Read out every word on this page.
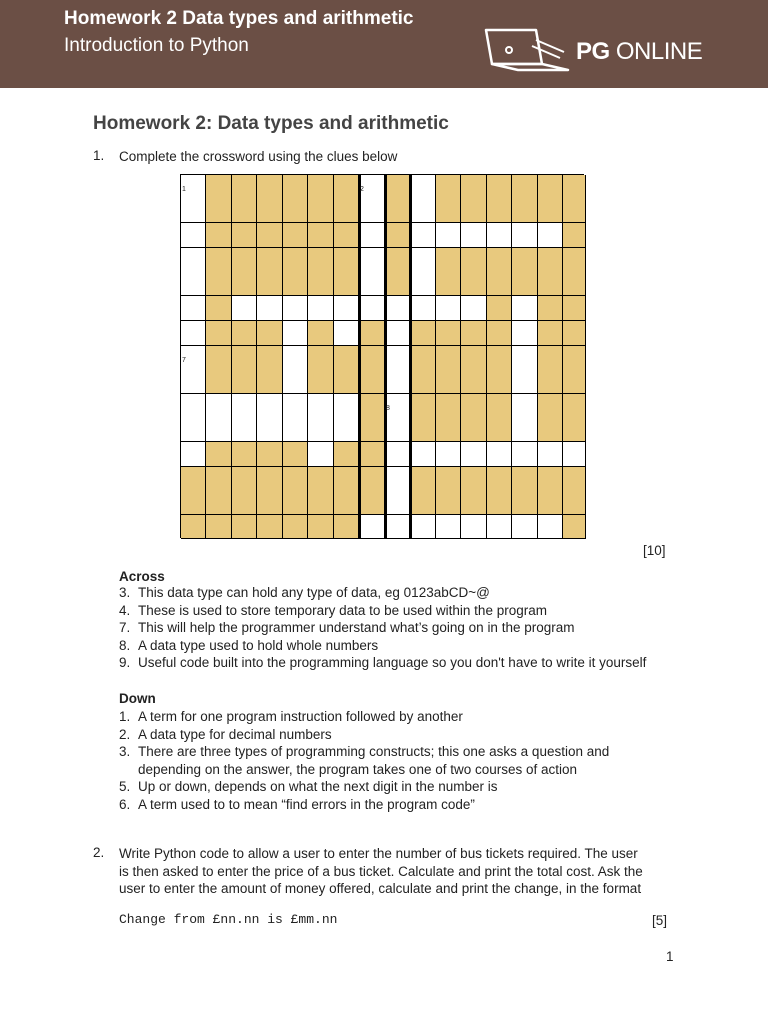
Homework 2 Data types and arithmetic
Introduction to Python	PG ONLINE
Homework 2: Data types and arithmetic
1. Complete the crossword using the clues below
1	2
7
8
[10]
Across
3. This data type can hold any type of data, eg 0123abCD~@
4. These is used to store temporary data to be used within the program
7. This will help the programmer understand what’s going on in the program
8. A data type used to hold whole numbers
9. Useful code built into the programming language so you don't have to write it yourself
Down
1. A term for one program instruction followed by another
2. A data type for decimal numbers
3. There are three types of programming constructs; this one asks a question and
depending on the answer, the program takes one of two courses of action
5. Up or down, depends on what the next digit in the number is
6. A term used to to mean “find errors in the program code”
2. Write Python code to allow a user to enter the number of bus tickets required. The user
is then asked to enter the price of a bus ticket. Calculate and print the total cost. Ask the
user to enter the amount of money offered, calculate and print the change, in the format
Change from £nn.nn is £mm.nn	[5]
1
